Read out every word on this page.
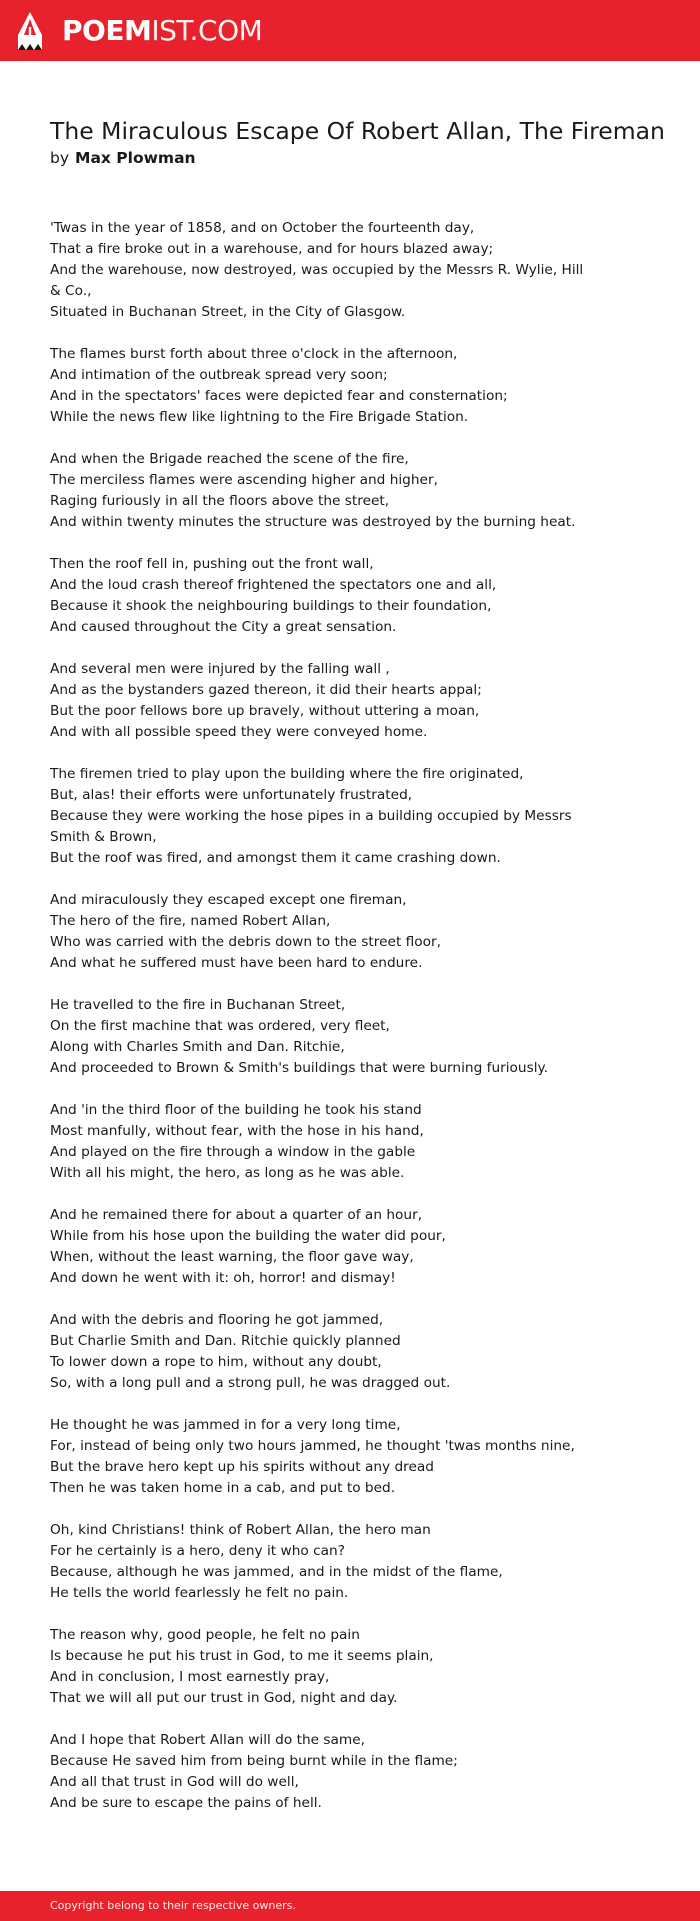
POEMIST.COM
The Miraculous Escape Of Robert Allan, The Fireman
by Max Plowman
'Twas in the year of 1858, and on October the fourteenth day,
That a fire broke out in a warehouse, and for hours blazed away;
And the warehouse, now destroyed, was occupied by the Messrs R. Wylie, Hill
& Co.,
Situated in Buchanan Street, in the City of Glasgow.
The flames burst forth about three o'clock in the afternoon,
And intimation of the outbreak spread very soon;
And in the spectators' faces were depicted fear and consternation;
While the news flew like lightning to the Fire Brigade Station.
And when the Brigade reached the scene of the fire,
The merciless flames were ascending higher and higher,
Raging furiously in all the floors above the street,
And within twenty minutes the structure was destroyed by the burning heat.
Then the roof fell in, pushing out the front wall,
And the loud crash thereof frightened the spectators one and all,
Because it shook the neighbouring buildings to their foundation,
And caused throughout the City a great sensation.
And several men were injured by the falling wall ,
And as the bystanders gazed thereon, it did their hearts appal;
But the poor fellows bore up bravely, without uttering a moan,
And with all possible speed they were conveyed home.
The firemen tried to play upon the building where the fire originated,
But, alas! their efforts were unfortunately frustrated,
Because they were working the hose pipes in a building occupied by Messrs
Smith & Brown,
But the roof was fired, and amongst them it came crashing down.
And miraculously they escaped except one fireman,
The hero of the fire, named Robert Allan,
Who was carried with the debris down to the street floor,
And what he suffered must have been hard to endure.
He travelled to the fire in Buchanan Street,
On the first machine that was ordered, very fleet,
Along with Charles Smith and Dan. Ritchie,
And proceeded to Brown & Smith's buildings that were burning furiously.
And 'in the third floor of the building he took his stand
Most manfully, without fear, with the hose in his hand,
And played on the fire through a window in the gable
With all his might, the hero, as long as he was able.
And he remained there for about a quarter of an hour,
While from his hose upon the building the water did pour,
When, without the least warning, the floor gave way,
And down he went with it: oh, horror! and dismay!
And with the debris and flooring he got jammed,
But Charlie Smith and Dan. Ritchie quickly planned
To lower down a rope to him, without any doubt,
So, with a long pull and a strong pull, he was dragged out.
He thought he was jammed in for a very long time,
For, instead of being only two hours jammed, he thought 'twas months nine,
But the brave hero kept up his spirits without any dread
Then he was taken home in a cab, and put to bed.
Oh, kind Christians! think of Robert Allan, the hero man
For he certainly is a hero, deny it who can?
Because, although he was jammed, and in the midst of the flame,
He tells the world fearlessly he felt no pain.
The reason why, good people, he felt no pain
Is because he put his trust in God, to me it seems plain,
And in conclusion, I most earnestly pray,
That we will all put our trust in God, night and day.
And I hope that Robert Allan will do the same,
Because He saved him from being burnt while in the flame;
And all that trust in God will do well,
And be sure to escape the pains of hell.
Copyright belong to their respective owners.
